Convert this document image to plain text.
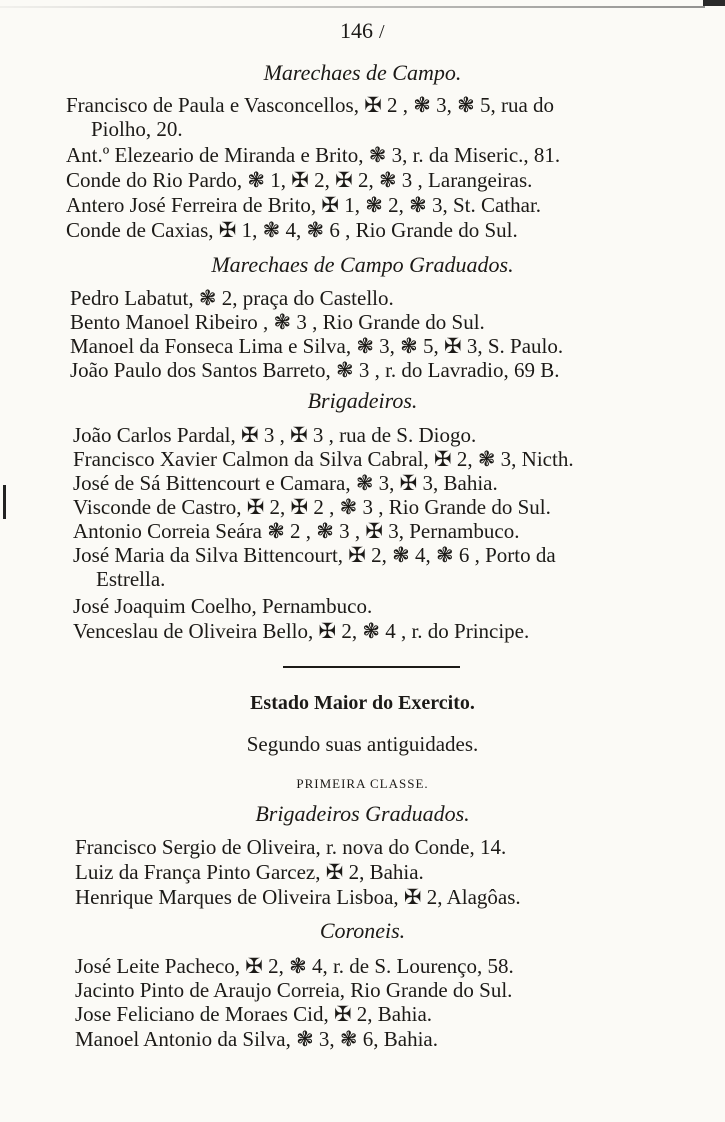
146 /
Marechaes de Campo.
Francisco de Paula e Vasconcellos, ✠ 2 , ❃ 3, ❃ 5, rua do
Piolho, 20.
Ant.º Elezeario de Miranda e Brito, ❃ 3, r. da Miseric., 81.
Conde do Rio Pardo, ❃ 1, ✠ 2, ✠ 2, ❃ 3 , Larangeiras.
Antero José Ferreira de Brito, ✠ 1, ❃ 2, ❃ 3, St. Cathar.
Conde de Caxias, ✠ 1, ❃ 4, ❃ 6 , Rio Grande do Sul.
Marechaes de Campo Graduados.
Pedro Labatut, ❃ 2, praça do Castello.
Bento Manoel Ribeiro , ❃ 3 , Rio Grande do Sul.
Manoel da Fonseca Lima e Silva, ❃ 3, ❃ 5, ✠ 3, S. Paulo.
João Paulo dos Santos Barreto, ❃ 3 , r. do Lavradio, 69 B.
Brigadeiros.
João Carlos Pardal, ✠ 3 , ✠ 3 , rua de S. Diogo.
Francisco Xavier Calmon da Silva Cabral, ✠ 2, ❃ 3, Nicth.
José de Sá Bittencourt e Camara, ❃ 3, ✠ 3, Bahia.
Visconde de Castro, ✠ 2, ✠ 2 , ❃ 3 , Rio Grande do Sul.
Antonio Correia Seára ❃ 2 , ❃ 3 , ✠ 3, Pernambuco.
José Maria da Silva Bittencourt, ✠ 2, ❃ 4, ❃ 6 , Porto da
Estrella.
José Joaquim Coelho, Pernambuco.
Venceslau de Oliveira Bello, ✠ 2, ❃ 4 , r. do Principe.
Estado Maior do Exercito.
Segundo suas antiguidades.
PRIMEIRA CLASSE.
Brigadeiros Graduados.
Francisco Sergio de Oliveira, r. nova do Conde, 14.
Luiz da França Pinto Garcez, ✠ 2, Bahia.
Henrique Marques de Oliveira Lisboa, ✠ 2, Alagôas.
Coroneis.
José Leite Pacheco, ✠ 2, ❃ 4, r. de S. Lourenço, 58.
Jacinto Pinto de Araujo Correia, Rio Grande do Sul.
Jose Feliciano de Moraes Cid, ✠ 2, Bahia.
Manoel Antonio da Silva, ❃ 3, ❃ 6, Bahia.
